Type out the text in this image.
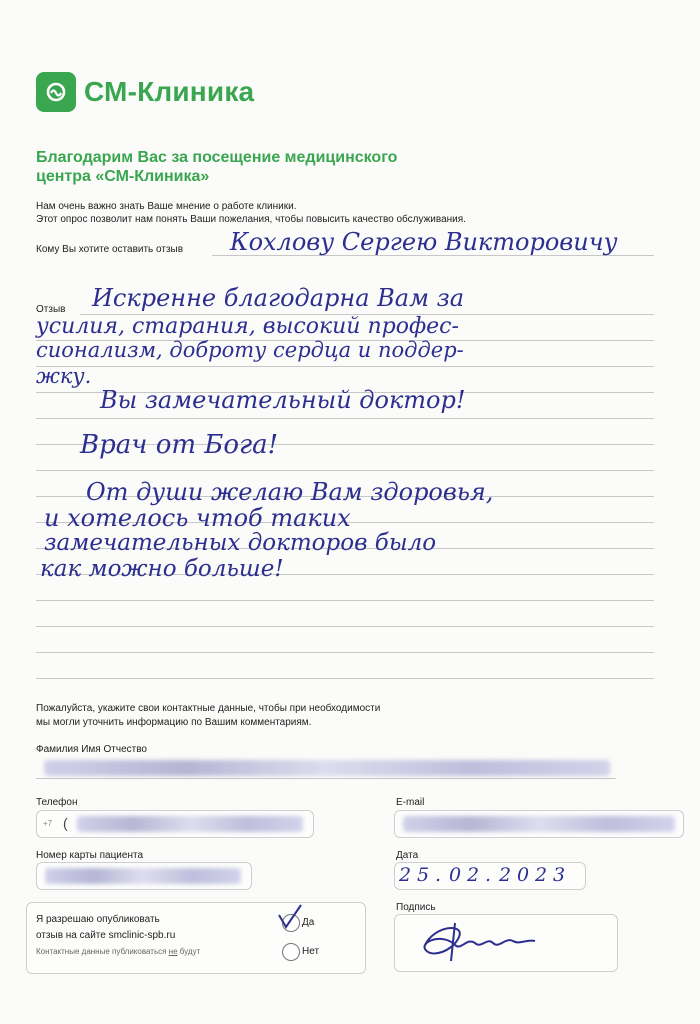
СМ-Клиника
Благодарим Вас за посещение медицинского центра «СМ-Клиника»
Нам очень важно знать Ваше мнение о работе клиники.
Этот опрос позволит нам понять Ваши пожелания, чтобы повысить качество обслуживания.
Кому Вы хотите оставить отзыв Кохлову Сергею Викторовичу
Отзыв Искренне благодарна Вам за
усилия, старания, высокий профес-
сионализм, доброту сердца и поддер-
жку.
Вы замечательный доктор!
Врач от Бога!
От души желаю Вам здоровья,
и хотелось чтоб таких
замечательных докторов было
как можно больше!
Пожалуйста, укажите свои контактные данные, чтобы при необходимости
мы могли уточнить информацию по Вашим комментариям.
Фамилия Имя Отчество
Телефон
+7 (
E-mail
Номер карты пациента	Дата
2 5 . 0 2 . 2 0 2 3
Я разрешаю опубликовать
отзыв на сайте smclinic-spb.ru
Контактные данные публиковаться не будут
Да
Нет
Подпись
